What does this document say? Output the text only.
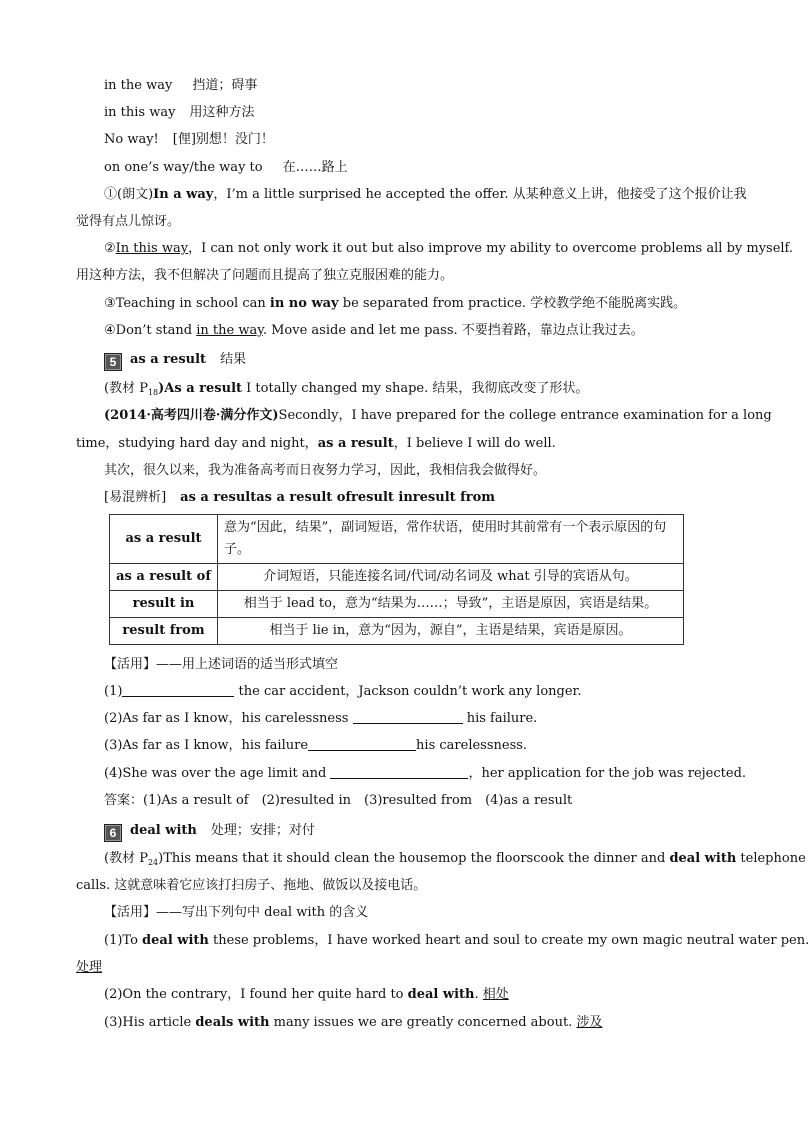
in the way 挡道；碍事
in this way 用这种方法
No way! [俚]别想！没门！
on one’s way/the way to 在……路上
①(朗文)In a way，I’m a little surprised he accepted the offer. 从某种意义上讲，他接受了这个报价让我
觉得有点儿惊讶。
②In this way，I can not only work it out but also improve my ability to overcome problems all by myself.
用这种方法，我不但解决了问题而且提高了独立克服困难的能力。
③Teaching in school can in no way be separated from practice. 学校教学绝不能脱离实践。
④Don’t stand in the way. Move aside and let me pass. 不要挡着路，靠边点让我过去。
5 as a result 结果
(教材 $P_{18})As$ a result I totally changed my shape. 结果，我彻底改变了形状。
(2014·高考四川卷·满分作文)Secondly，I have prepared for the college entrance examination for a long
time，studying hard day and night，as a result，I believe I will do well.
其次，很久以来，我为准备高考而日夜努力学习，因此，我相信我会做得好。
[易混辨析] as a resultas a result ofresult inresult from
as a result	意为“因此，结果”，副词短语，常作状语，使用时其前常有一个表示原因的句子。
as a result of	介词短语，只能连接名词/代词/动名词及 what 引导的宾语从句。
result in	相当于 lead to，意为“结果为……；导致”，主语是原因，宾语是结果。
result from	相当于 lie in，意为“因为，源自”，主语是结果，宾语是原因。
【活用】——用上述词语的适当形式填空
(1)	the car accident，Jackson couldn’t work any longer.
(2)As far as I know，his carelessness	his failure.
(3)As far as I know，his failure	his carelessness.
(4)She was over the age limit and	，her application for the job was rejected.
答案：(1)As a result of　(2)resulted in　(3)resulted from　(4)as a result
6 deal with 处理；安排；对付
(教材 $P_{24})This$ means that it should clean the housemop the floorscook the dinner and deal with telephone
calls. 这就意味着它应该打扫房子、拖地、做饭以及接电话。
【活用】——写出下列句中 deal with 的含义
(1)To deal with these problems，I have worked heart and soul to create my own magic neutral water pen.
处理
(2)On the contrary，I found her quite hard to deal with. 相处
(3)His article deals with many issues we are greatly concerned about. 涉及
